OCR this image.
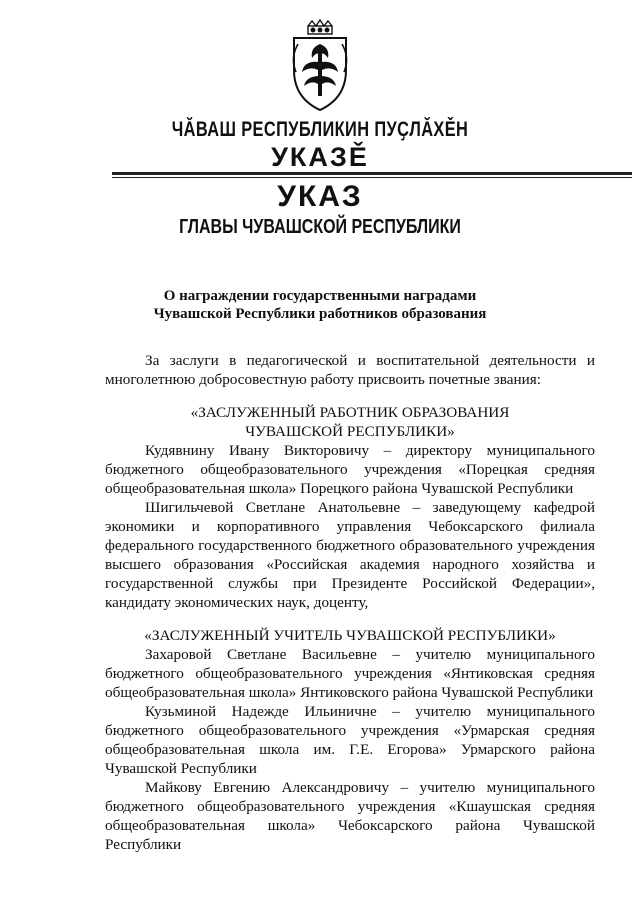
ЧĂВАШ РЕСПУБЛИКИН ПУҪЛĂХĚН
УКАЗĚ
УКАЗ
ГЛАВЫ ЧУВАШСКОЙ РЕСПУБЛИКИ
О награждении государственными наградами
Чувашской Республики работников образования

За заслуги в педагогической и воспитательной деятельности и многолетнюю добросовестную работу присвоить почетные звания:

«ЗАСЛУЖЕННЫЙ РАБОТНИК ОБРАЗОВАНИЯ

ЧУВАШСКОЙ РЕСПУБЛИКИ»

Кудявнину Ивану Викторовичу – директору муниципального бюджетного общеобразовательного учреждения «Порецкая средняя общеобразовательная школа» Порецкого района Чувашской Республики

Шигильчевой Светлане Анатольевне – заведующему кафедрой экономики и корпоративного управления Чебоксарского филиала федерального государственного бюджетного образовательного учреждения высшего образования «Российская академия народного хозяйства и государственной службы при Президенте Российской Федерации», кандидату экономических наук, доценту,

«ЗАСЛУЖЕННЫЙ УЧИТЕЛЬ ЧУВАШСКОЙ РЕСПУБЛИКИ»

Захаровой Светлане Васильевне – учителю муниципального бюджетного общеобразовательного учреждения «Янтиковская средняя общеобразовательная школа» Янтиковского района Чувашской Республики

Кузьминой Надежде Ильиничне – учителю муниципального бюджетного общеобразовательного учреждения «Урмарская средняя общеобразовательная школа им. Г.Е. Егорова» Урмарского района Чувашской Республики

Майкову Евгению Александровичу – учителю муниципального бюджетного общеобразовательного учреждения «Кшаушская средняя общеобразовательная школа» Чебоксарского района Чувашской Республики
